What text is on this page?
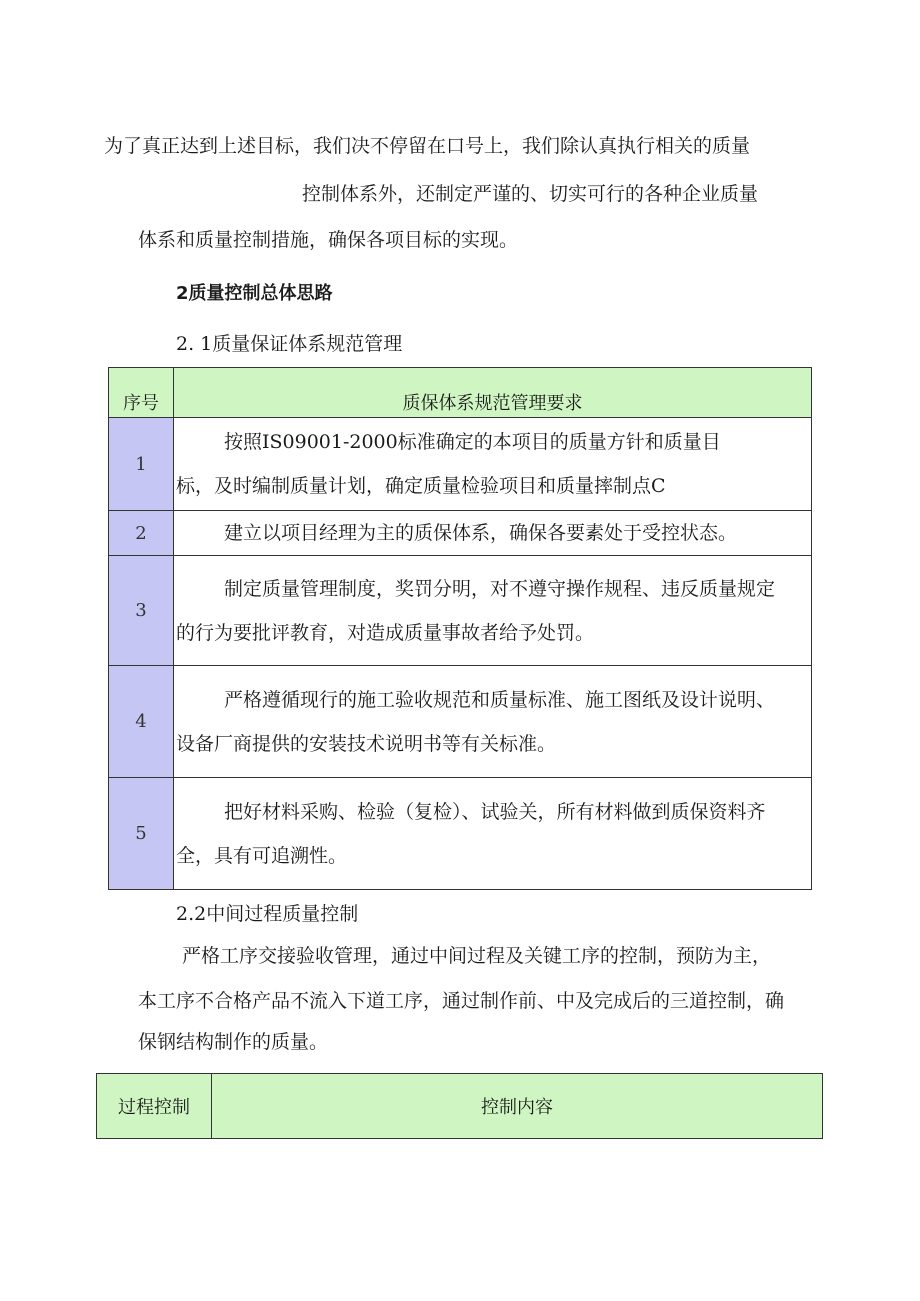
为了真正达到上述目标，我们决不停留在口号上，我们除认真执行相关的质量
控制体系外，还制定严谨的、切实可行的各种企业质量
体系和质量控制措施，确保各项目标的实现。
2质量控制总体思路
2. 1质量保证体系规范管理
序号	质保体系规范管理要求
1	按照IS09001-2000标准确定的本项目的质量方针和质量目
标，及时编制质量计划，确定质量检验项目和质量摔制点C

2	建立以项目经理为主的质保体系，确保各要素处于受控状态。

3	制定质量管理制度，奖罚分明，对不遵守操作规程、违反质量规定
的行为要批评教育，对造成质量事故者给予处罚。

4	严格遵循现行的施工验收规范和质量标准、施工图纸及设计说明、
设备厂商提供的安装技术说明书等有关标准。

5	把好材料采购、检验（复检）、试验关，所有材料做到质保资料齐
全，具有可追溯性。
2.2中间过程质量控制
严格工序交接验收管理，通过中间过程及关键工序的控制，预防为主，
本工序不合格产品不流入下道工序，通过制作前、中及完成后的三道控制，确
保钢结构制作的质量。
过程控制	控制内容
